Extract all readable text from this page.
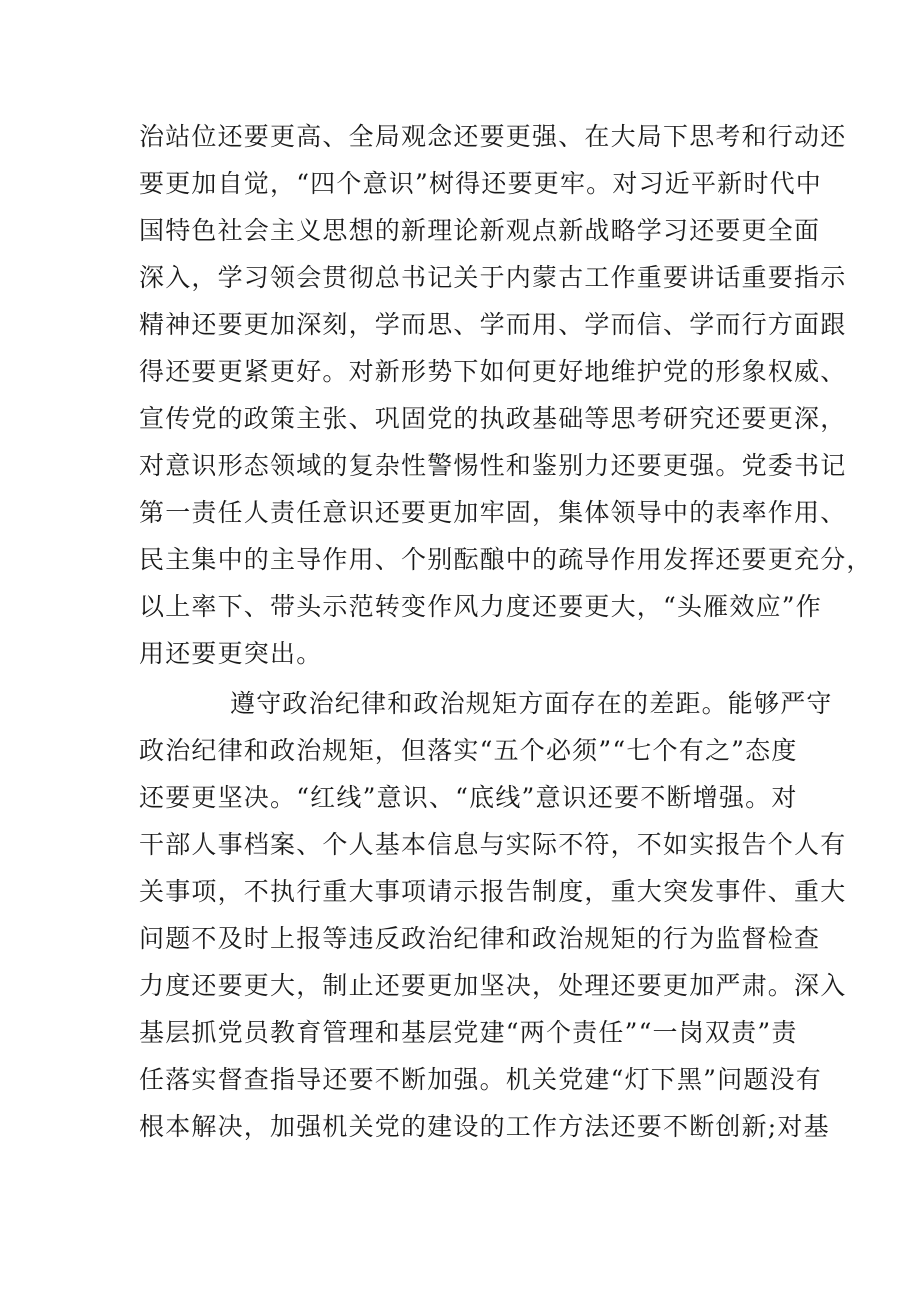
治站位还要更高、全局观念还要更强、在大局下思考和行动还
要更加自觉，“四个意识”树得还要更牢。对习近平新时代中
国特色社会主义思想的新理论新观点新战略学习还要更全面
深入，学习领会贯彻总书记关于内蒙古工作重要讲话重要指示
精神还要更加深刻，学而思、学而用、学而信、学而行方面跟
得还要更紧更好。对新形势下如何更好地维护党的形象权威、
宣传党的政策主张、巩固党的执政基础等思考研究还要更深，
对意识形态领域的复杂性警惕性和鉴别力还要更强。党委书记
第一责任人责任意识还要更加牢固，集体领导中的表率作用、
民主集中的主导作用、个别酝酿中的疏导作用发挥还要更充分，
以上率下、带头示范转变作风力度还要更大，“头雁效应”作
用还要更突出。
遵守政治纪律和政治规矩方面存在的差距。能够严守
政治纪律和政治规矩，但落实“五个必须”“七个有之”态度
还要更坚决。“红线”意识、“底线”意识还要不断增强。对
干部人事档案、个人基本信息与实际不符，不如实报告个人有
关事项，不执行重大事项请示报告制度，重大突发事件、重大
问题不及时上报等违反政治纪律和政治规矩的行为监督检查
力度还要更大，制止还要更加坚决，处理还要更加严肃。深入
基层抓党员教育管理和基层党建“两个责任”“一岗双责”责
任落实督查指导还要不断加强。机关党建“灯下黑”问题没有
根本解决，加强机关党的建设的工作方法还要不断创新;对基
